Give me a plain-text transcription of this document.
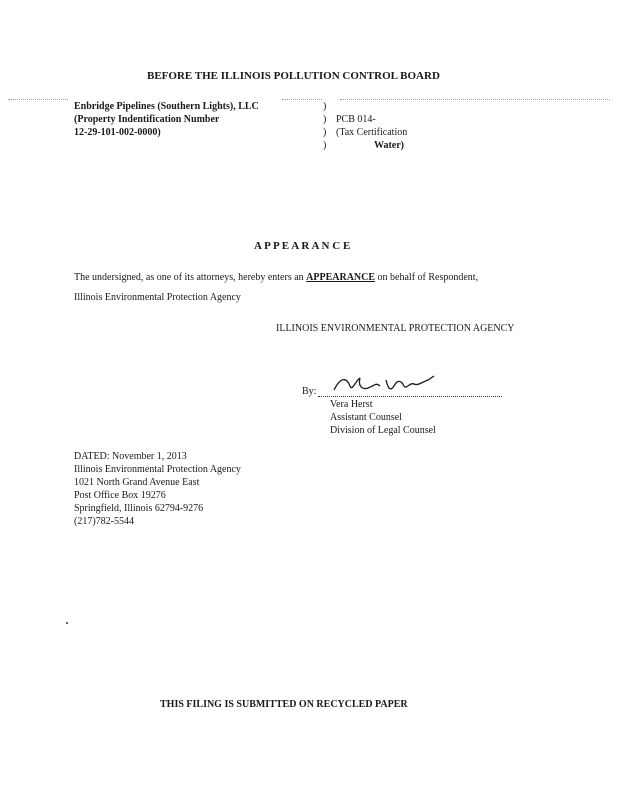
BEFORE THE ILLINOIS POLLUTION CONTROL BOARD
Enbridge Pipelines (Southern Lights), LLC
(Property Indentification Number
12-29-101-002-0000)
)
)
)
)
PCB 014-
(Tax Certification
Water)
A P P E A R A N C E
The undersigned, as one of its attorneys, hereby enters an APPEARANCE on behalf of Respondent,
Illinois Environmental Protection Agency
ILLINOIS ENVIRONMENTAL PROTECTION AGENCY
By:
Vera Herst
Assistant Counsel
Division of Legal Counsel
DATED: November 1, 2013
Illinois Environmental Protection Agency
1021 North Grand Avenue East
Post Office Box 19276
Springfield, Illinois 62794-9276
(217)782-5544
THIS FILING IS SUBMITTED ON RECYCLED PAPER
